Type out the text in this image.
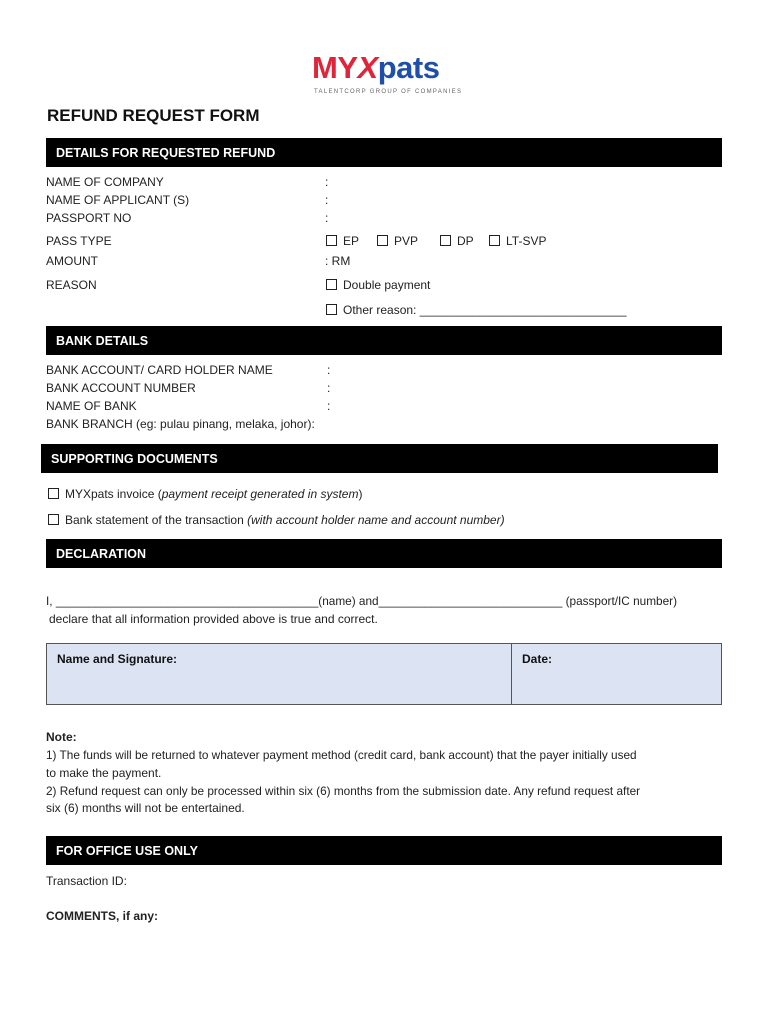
MYXpats
TALENTCORP GROUP OF COMPANIES
REFUND REQUEST FORM
DETAILS FOR REQUESTED REFUND
NAME OF COMPANY	:
NAME OF APPLICANT (S)	:
PASSPORT NO	:
PASS TYPE	EP	PVP	DP	LT-SVP
AMOUNT	: RM
REASON	Double payment
Other reason: _______________________________
BANK DETAILS
BANK ACCOUNT/ CARD HOLDER NAME	:
BANK ACCOUNT NUMBER	:
NAME OF BANK	:
BANK BRANCH (eg: pulau pinang, melaka, johor):
SUPPORTING DOCUMENTS
MYXpats invoice (payment receipt generated in system)
Bank statement of the transaction (with account holder name and account number)
DECLARATION
I, ________________________________________(name) and____________________________ (passport/IC number)
declare that all information provided above is true and correct.
Name and Signature:	Date:
Note:
1) The funds will be returned to whatever payment method (credit card, bank account) that the payer initially used
to make the payment.
2) Refund request can only be processed within six (6) months from the submission date. Any refund request after
six (6) months will not be entertained.
FOR OFFICE USE ONLY
Transaction ID:
COMMENTS, if any:
